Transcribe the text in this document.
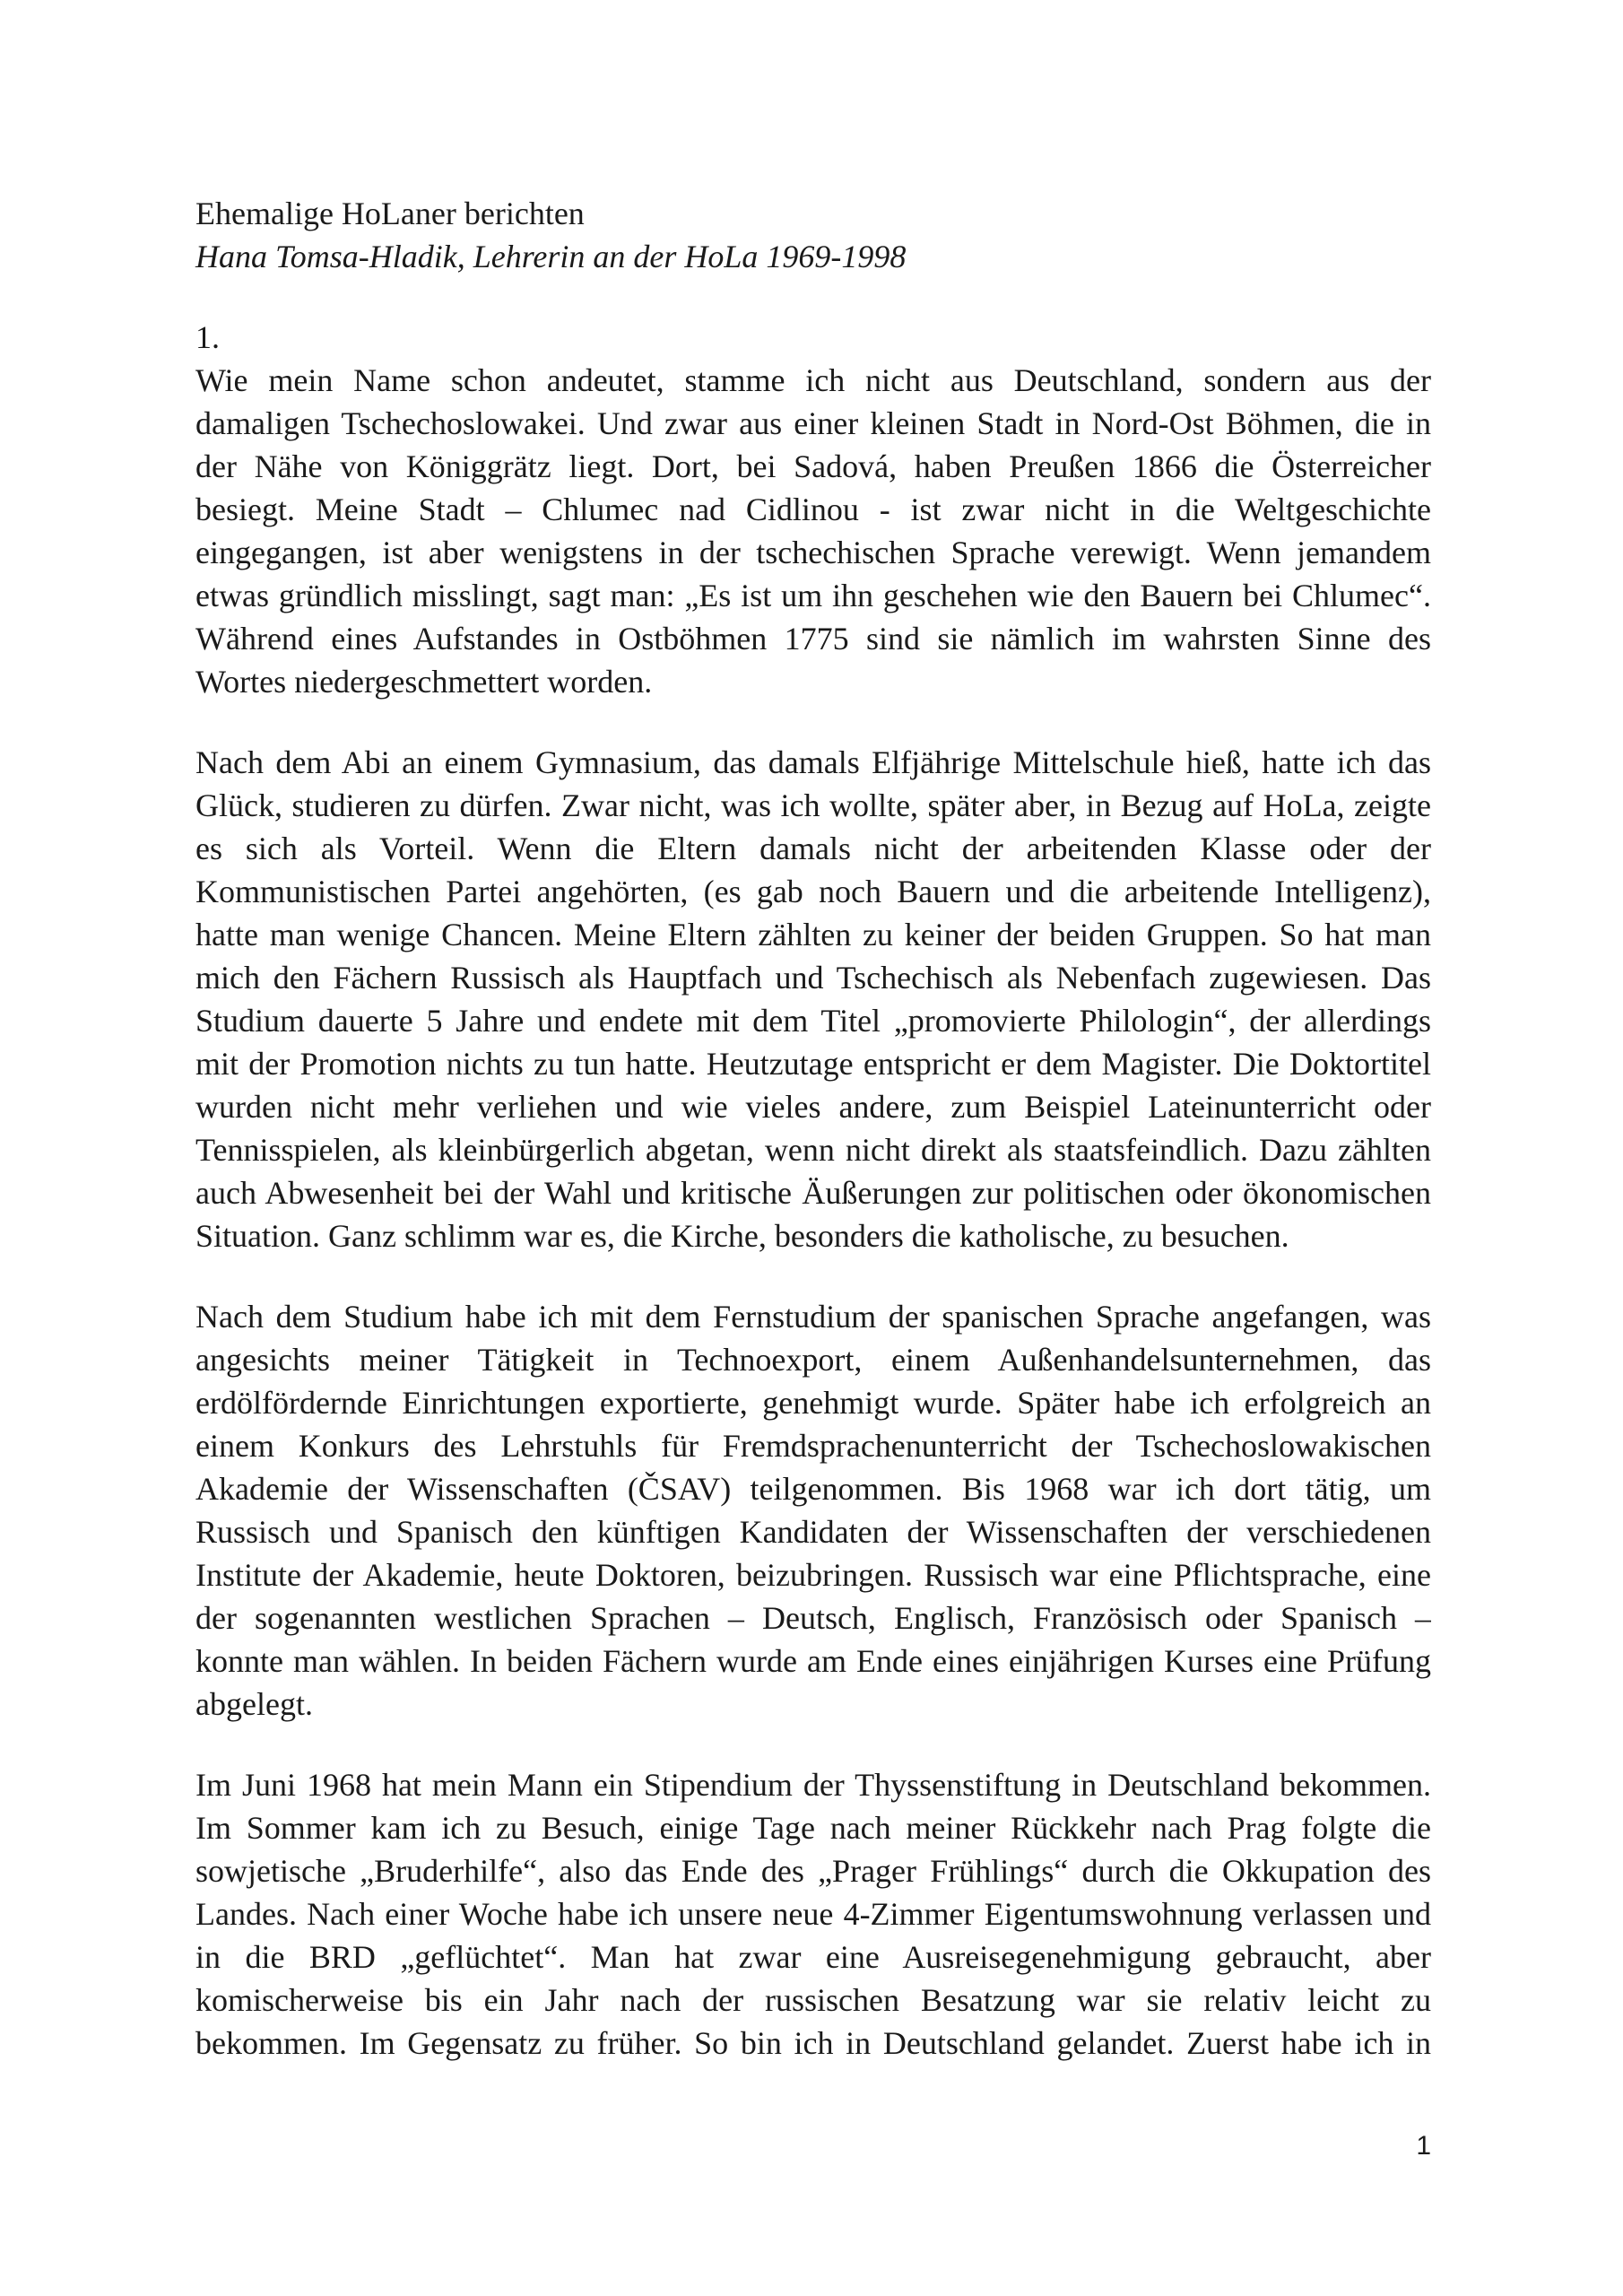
Ehemalige HoLaner berichten
Hana Tomsa-Hladik, Lehrerin an der HoLa 1969-1998
1.
Wie mein Name schon andeutet, stamme ich nicht aus Deutschland, sondern aus der
damaligen Tschechoslowakei. Und zwar aus einer kleinen Stadt in Nord-Ost Böhmen, die in
der Nähe von Königgrätz liegt. Dort, bei Sadová, haben Preußen 1866 die Österreicher
besiegt. Meine Stadt – Chlumec nad Cidlinou - ist zwar nicht in die Weltgeschichte
eingegangen, ist aber wenigstens in der tschechischen Sprache verewigt. Wenn jemandem
etwas gründlich misslingt, sagt man: „Es ist um ihn geschehen wie den Bauern bei Chlumec“.
Während eines Aufstandes in Ostböhmen 1775 sind sie nämlich im wahrsten Sinne des
Wortes niedergeschmettert worden.
Nach dem Abi an einem Gymnasium, das damals Elfjährige Mittelschule hieß, hatte ich das
Glück, studieren zu dürfen. Zwar nicht, was ich wollte, später aber, in Bezug auf HoLa, zeigte
es sich als Vorteil. Wenn die Eltern damals nicht der arbeitenden Klasse oder der
Kommunistischen Partei angehörten, (es gab noch Bauern und die arbeitende Intelligenz),
hatte man wenige Chancen. Meine Eltern zählten zu keiner der beiden Gruppen. So hat man
mich den Fächern Russisch als Hauptfach und Tschechisch als Nebenfach zugewiesen. Das
Studium dauerte 5 Jahre und endete mit dem Titel „promovierte Philologin“, der allerdings
mit der Promotion nichts zu tun hatte. Heutzutage entspricht er dem Magister. Die Doktortitel
wurden nicht mehr verliehen und wie vieles andere, zum Beispiel Lateinunterricht oder
Tennisspielen, als kleinbürgerlich abgetan, wenn nicht direkt als staatsfeindlich. Dazu zählten
auch Abwesenheit bei der Wahl und kritische Äußerungen zur politischen oder ökonomischen
Situation. Ganz schlimm war es, die Kirche, besonders die katholische, zu besuchen.
Nach dem Studium habe ich mit dem Fernstudium der spanischen Sprache angefangen, was
angesichts meiner Tätigkeit in Technoexport, einem Außenhandelsunternehmen, das
erdölfördernde Einrichtungen exportierte, genehmigt wurde. Später habe ich erfolgreich an
einem Konkurs des Lehrstuhls für Fremdsprachenunterricht der Tschechoslowakischen
Akademie der Wissenschaften (ČSAV) teilgenommen. Bis 1968 war ich dort tätig, um
Russisch und Spanisch den künftigen Kandidaten der Wissenschaften der verschiedenen
Institute der Akademie, heute Doktoren, beizubringen. Russisch war eine Pflichtsprache, eine
der sogenannten westlichen Sprachen – Deutsch, Englisch, Französisch oder Spanisch –
konnte man wählen. In beiden Fächern wurde am Ende eines einjährigen Kurses eine Prüfung
abgelegt.
Im Juni 1968 hat mein Mann ein Stipendium der Thyssenstiftung in Deutschland bekommen.
Im Sommer kam ich zu Besuch, einige Tage nach meiner Rückkehr nach Prag folgte die
sowjetische „Bruderhilfe“, also das Ende des „Prager Frühlings“ durch die Okkupation des
Landes. Nach einer Woche habe ich unsere neue 4-Zimmer Eigentumswohnung verlassen und
in die BRD „geflüchtet“. Man hat zwar eine Ausreisegenehmigung gebraucht, aber
komischerweise bis ein Jahr nach der russischen Besatzung war sie relativ leicht zu
bekommen. Im Gegensatz zu früher. So bin ich in Deutschland gelandet. Zuerst habe ich in
1
